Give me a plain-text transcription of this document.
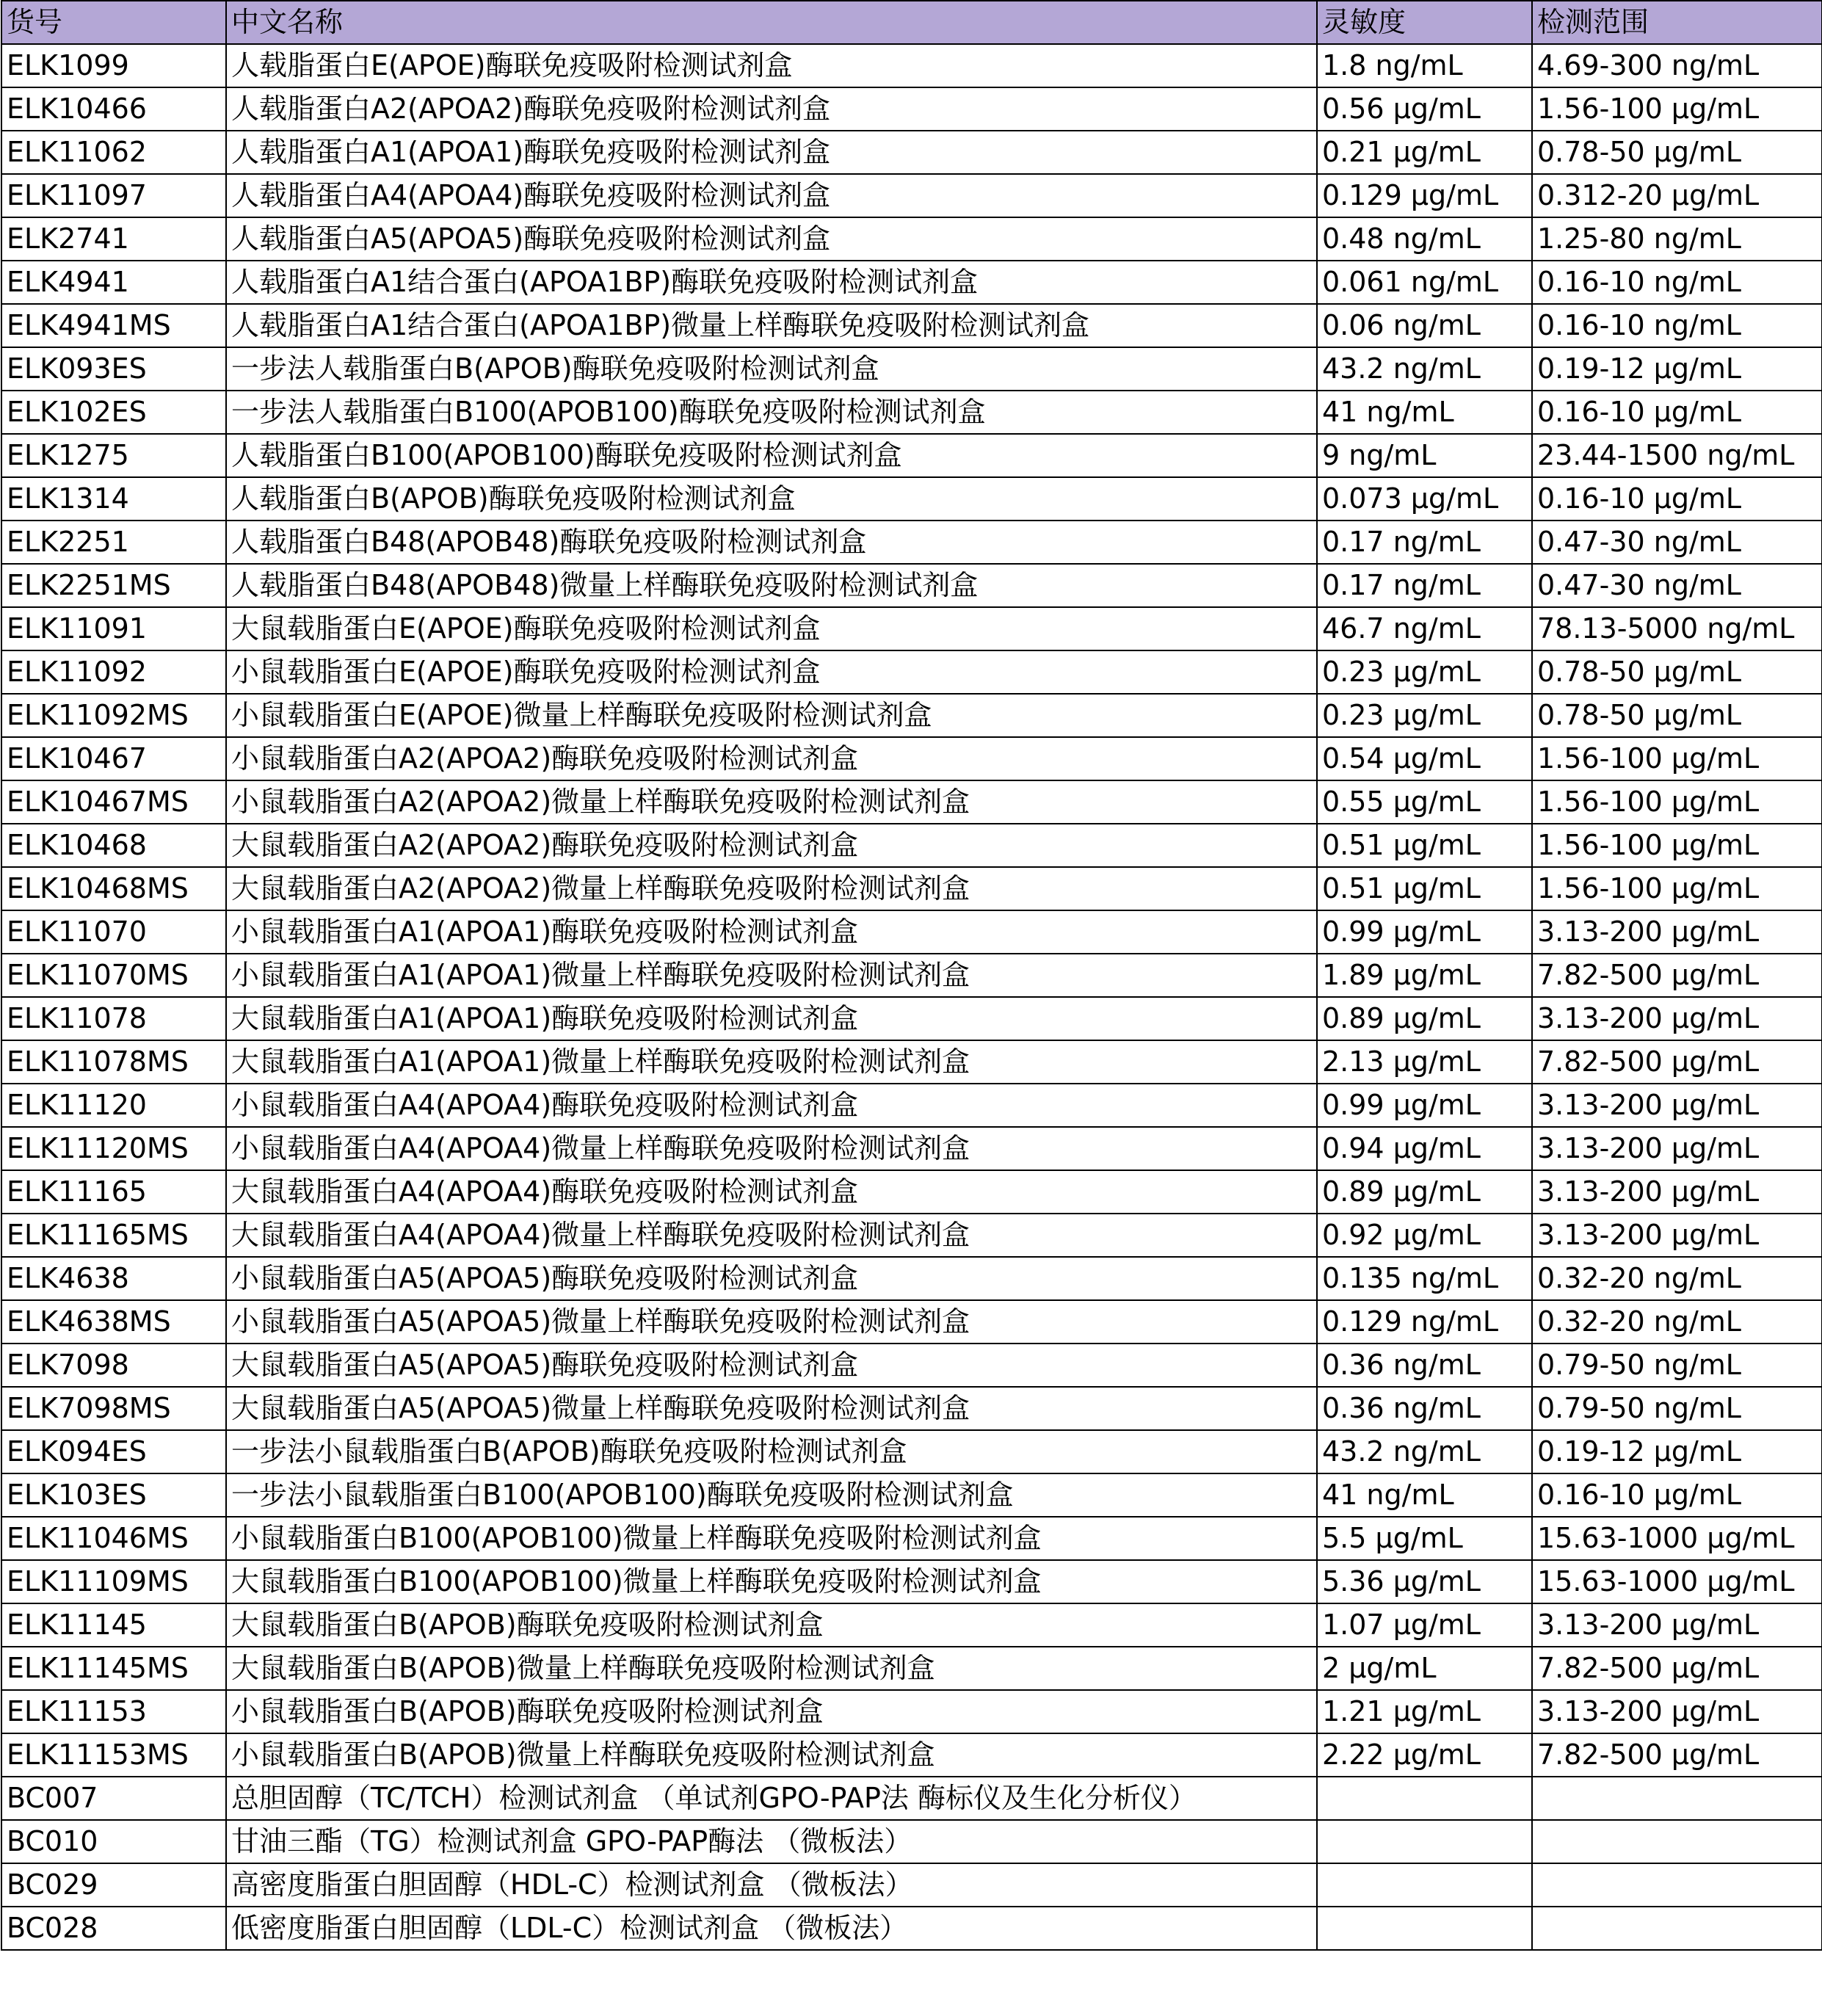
货号	中文名称	灵敏度	检测范围
ELK1099	人载脂蛋白E(APOE)酶联免疫吸附检测试剂盒	1.8 ng/mL	4.69-300 ng/mL
ELK10466	人载脂蛋白A2(APOA2)酶联免疫吸附检测试剂盒	0.56 μg/mL	1.56-100 μg/mL
ELK11062	人载脂蛋白A1(APOA1)酶联免疫吸附检测试剂盒	0.21 μg/mL	0.78-50 μg/mL
ELK11097	人载脂蛋白A4(APOA4)酶联免疫吸附检测试剂盒	0.129 μg/mL	0.312-20 μg/mL
ELK2741	人载脂蛋白A5(APOA5)酶联免疫吸附检测试剂盒	0.48 ng/mL	1.25-80 ng/mL
ELK4941	人载脂蛋白A1结合蛋白(APOA1BP)酶联免疫吸附检测试剂盒	0.061 ng/mL	0.16-10 ng/mL
ELK4941MS	人载脂蛋白A1结合蛋白(APOA1BP)微量上样酶联免疫吸附检测试剂盒	0.06 ng/mL	0.16-10 ng/mL
ELK093ES	一步法人载脂蛋白B(APOB)酶联免疫吸附检测试剂盒	43.2 ng/mL	0.19-12 μg/mL
ELK102ES	一步法人载脂蛋白B100(APOB100)酶联免疫吸附检测试剂盒	41 ng/mL	0.16-10 μg/mL
ELK1275	人载脂蛋白B100(APOB100)酶联免疫吸附检测试剂盒	9 ng/mL	23.44-1500 ng/mL
ELK1314	人载脂蛋白B(APOB)酶联免疫吸附检测试剂盒	0.073 μg/mL	0.16-10 μg/mL
ELK2251	人载脂蛋白B48(APOB48)酶联免疫吸附检测试剂盒	0.17 ng/mL	0.47-30 ng/mL
ELK2251MS	人载脂蛋白B48(APOB48)微量上样酶联免疫吸附检测试剂盒	0.17 ng/mL	0.47-30 ng/mL
ELK11091	大鼠载脂蛋白E(APOE)酶联免疫吸附检测试剂盒	46.7 ng/mL	78.13-5000 ng/mL
ELK11092	小鼠载脂蛋白E(APOE)酶联免疫吸附检测试剂盒	0.23 μg/mL	0.78-50 μg/mL
ELK11092MS	小鼠载脂蛋白E(APOE)微量上样酶联免疫吸附检测试剂盒	0.23 μg/mL	0.78-50 μg/mL
ELK10467	小鼠载脂蛋白A2(APOA2)酶联免疫吸附检测试剂盒	0.54 μg/mL	1.56-100 μg/mL
ELK10467MS	小鼠载脂蛋白A2(APOA2)微量上样酶联免疫吸附检测试剂盒	0.55 μg/mL	1.56-100 μg/mL
ELK10468	大鼠载脂蛋白A2(APOA2)酶联免疫吸附检测试剂盒	0.51 μg/mL	1.56-100 μg/mL
ELK10468MS	大鼠载脂蛋白A2(APOA2)微量上样酶联免疫吸附检测试剂盒	0.51 μg/mL	1.56-100 μg/mL
ELK11070	小鼠载脂蛋白A1(APOA1)酶联免疫吸附检测试剂盒	0.99 μg/mL	3.13-200 μg/mL
ELK11070MS	小鼠载脂蛋白A1(APOA1)微量上样酶联免疫吸附检测试剂盒	1.89 μg/mL	7.82-500 μg/mL
ELK11078	大鼠载脂蛋白A1(APOA1)酶联免疫吸附检测试剂盒	0.89 μg/mL	3.13-200 μg/mL
ELK11078MS	大鼠载脂蛋白A1(APOA1)微量上样酶联免疫吸附检测试剂盒	2.13 μg/mL	7.82-500 μg/mL
ELK11120	小鼠载脂蛋白A4(APOA4)酶联免疫吸附检测试剂盒	0.99 μg/mL	3.13-200 μg/mL
ELK11120MS	小鼠载脂蛋白A4(APOA4)微量上样酶联免疫吸附检测试剂盒	0.94 μg/mL	3.13-200 μg/mL
ELK11165	大鼠载脂蛋白A4(APOA4)酶联免疫吸附检测试剂盒	0.89 μg/mL	3.13-200 μg/mL
ELK11165MS	大鼠载脂蛋白A4(APOA4)微量上样酶联免疫吸附检测试剂盒	0.92 μg/mL	3.13-200 μg/mL
ELK4638	小鼠载脂蛋白A5(APOA5)酶联免疫吸附检测试剂盒	0.135 ng/mL	0.32-20 ng/mL
ELK4638MS	小鼠载脂蛋白A5(APOA5)微量上样酶联免疫吸附检测试剂盒	0.129 ng/mL	0.32-20 ng/mL
ELK7098	大鼠载脂蛋白A5(APOA5)酶联免疫吸附检测试剂盒	0.36 ng/mL	0.79-50 ng/mL
ELK7098MS	大鼠载脂蛋白A5(APOA5)微量上样酶联免疫吸附检测试剂盒	0.36 ng/mL	0.79-50 ng/mL
ELK094ES	一步法小鼠载脂蛋白B(APOB)酶联免疫吸附检测试剂盒	43.2 ng/mL	0.19-12 μg/mL
ELK103ES	一步法小鼠载脂蛋白B100(APOB100)酶联免疫吸附检测试剂盒	41 ng/mL	0.16-10 μg/mL
ELK11046MS	小鼠载脂蛋白B100(APOB100)微量上样酶联免疫吸附检测试剂盒	5.5 μg/mL	15.63-1000 μg/mL
ELK11109MS	大鼠载脂蛋白B100(APOB100)微量上样酶联免疫吸附检测试剂盒	5.36 μg/mL	15.63-1000 μg/mL
ELK11145	大鼠载脂蛋白B(APOB)酶联免疫吸附检测试剂盒	1.07 μg/mL	3.13-200 μg/mL
ELK11145MS	大鼠载脂蛋白B(APOB)微量上样酶联免疫吸附检测试剂盒	2 μg/mL	7.82-500 μg/mL
ELK11153	小鼠载脂蛋白B(APOB)酶联免疫吸附检测试剂盒	1.21 μg/mL	3.13-200 μg/mL
ELK11153MS	小鼠载脂蛋白B(APOB)微量上样酶联免疫吸附检测试剂盒	2.22 μg/mL	7.82-500 μg/mL
BC007	总胆固醇（TC/TCH）检测试剂盒 （单试剂GPO-PAP法 酶标仪及生化分析仪）		
BC010	甘油三酯（TG）检测试剂盒 GPO-PAP酶法 （微板法）		
BC029	高密度脂蛋白胆固醇（HDL-C）检测试剂盒 （微板法）		
BC028	低密度脂蛋白胆固醇（LDL-C）检测试剂盒 （微板法）		
